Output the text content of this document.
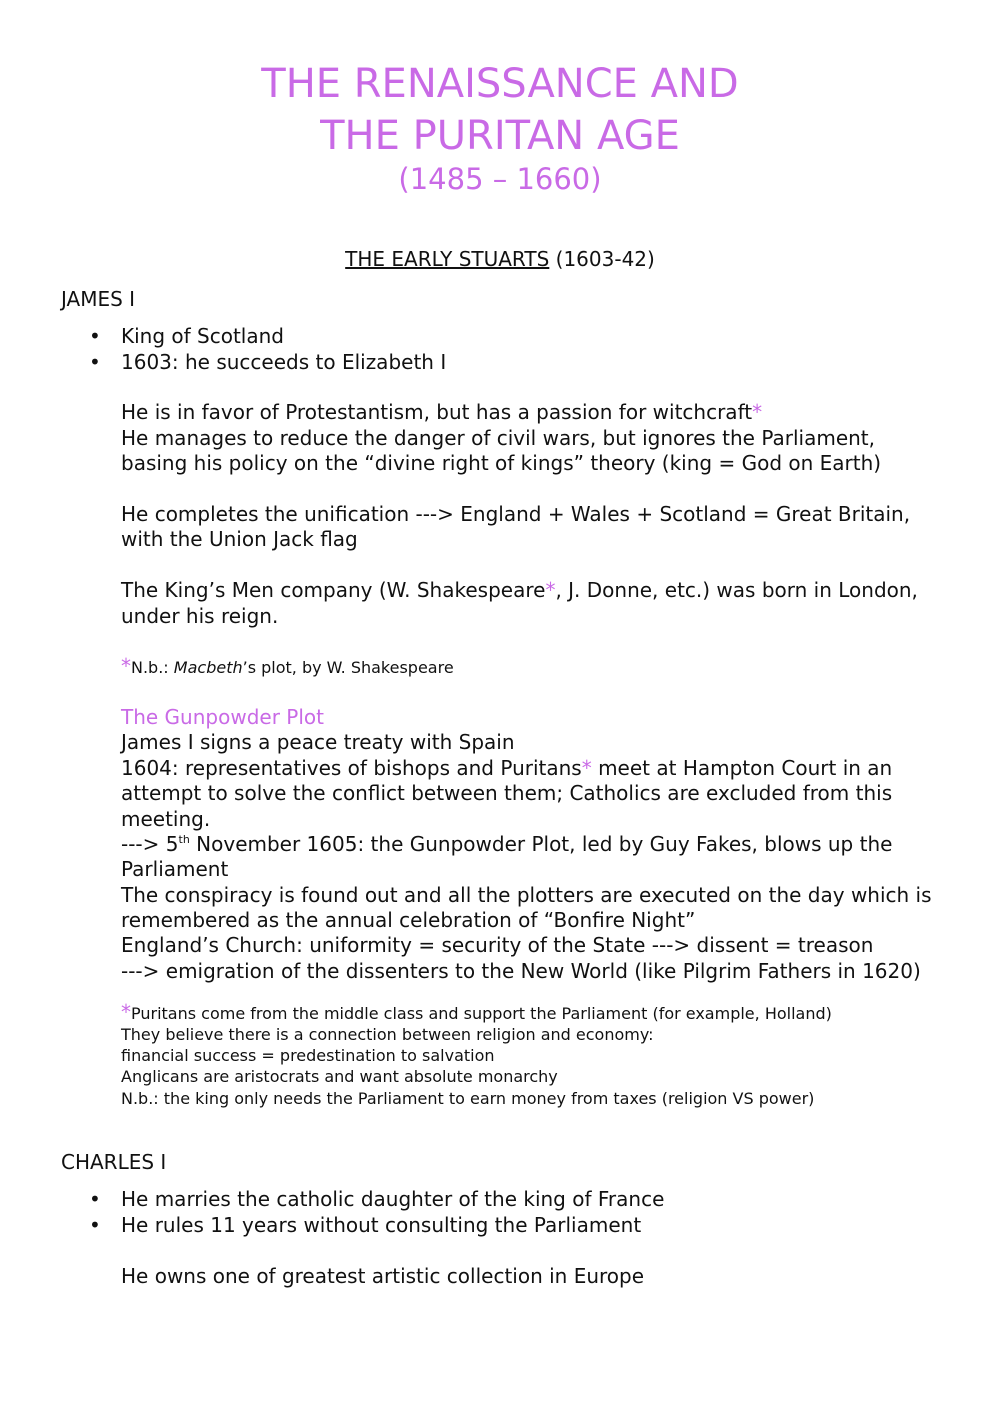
THE RENAISSANCE AND
THE PURITAN AGE
(1485 – 1660)
THE EARLY STUARTS (1603-42)
JAMES I
• King of Scotland
• 1603: he succeeds to Elizabeth I
He is in favor of Protestantism, but has a passion for witchcraft*
He manages to reduce the danger of civil wars, but ignores the Parliament,
basing his policy on the “divine right of kings” theory (king = God on Earth)
He completes the unification ---> England + Wales + Scotland = Great Britain,
with the Union Jack flag
The King’s Men company (W. Shakespeare*, J. Donne, etc.) was born in London,
under his reign.
*N.b.: Macbeth’s plot, by W. Shakespeare
The Gunpowder Plot
James I signs a peace treaty with Spain
1604: representatives of bishops and Puritans* meet at Hampton Court in an
attempt to solve the conflict between them; Catholics are excluded from this
meeting.
---> 5th November 1605: the Gunpowder Plot, led by Guy Fakes, blows up the
Parliament
The conspiracy is found out and all the plotters are executed on the day which is
remembered as the annual celebration of “Bonfire Night”
England’s Church: uniformity = security of the State ---> dissent = treason
---> emigration of the dissenters to the New World (like Pilgrim Fathers in 1620)
*Puritans come from the middle class and support the Parliament (for example, Holland)
They believe there is a connection between religion and economy:
financial success = predestination to salvation
Anglicans are aristocrats and want absolute monarchy
N.b.: the king only needs the Parliament to earn money from taxes (religion VS power)
CHARLES I
• He marries the catholic daughter of the king of France
• He rules 11 years without consulting the Parliament
He owns one of greatest artistic collection in Europe
